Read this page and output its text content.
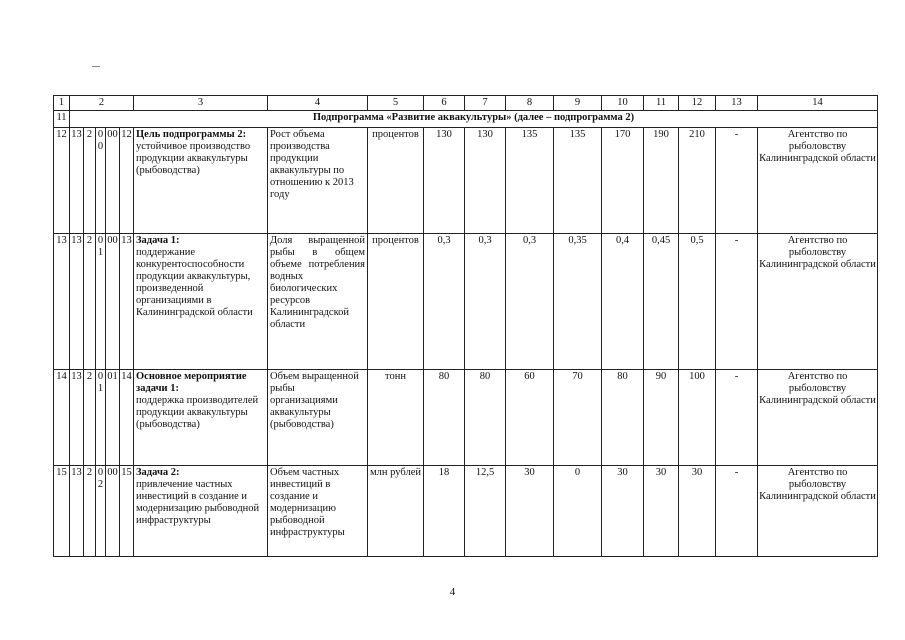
1	2					3	4	5	6	7	8	9	10	11	12	13	14
11	Подпрограмма «Развитие аквакультуры» (далее – подпрограмма 2)																
12	13	2	00	00	12	Цель подпрограммы 2:
устойчивое производство продукции аквакультуры (рыбоводства)	Рост объема производства продукции аквакультуры по отношению к 2013 году	процентов	130	130	135	135	170	190	210	-	Агентство по рыболовству Калининградской области
13	13	2	01	00	13	Задача 1:
поддержание конкурентоспособности продукции аквакультуры, произведенной организациями в Калининградской области	Доля выращенной рыбы в общем объеме потребления водных биологических ресурсов Калининградской области	процентов	0,3	0,3	0,3	0,35	0,4	0,45	0,5	-	Агентство по рыболовству Калининградской области
14	13	2	01	01	14	Основное мероприятие задачи 1:
поддержка производителей продукции аквакультуры (рыбоводства)	Объем выращенной рыбы организациями аквакультуры (рыбоводства)	тонн	80	80	60	70	80	90	100	-	Агентство по рыболовству Калининградской области
15	13	2	02	00	15	Задача 2:
привлечение частных инвестиций в создание и модернизацию рыбоводной инфраструктуры	Объем частных инвестиций в создание и модернизацию рыбоводной инфраструктуры	млн рублей	18	12,5	30	0	30	30	30	-	Агентство по рыболовству Калининградской области
4
